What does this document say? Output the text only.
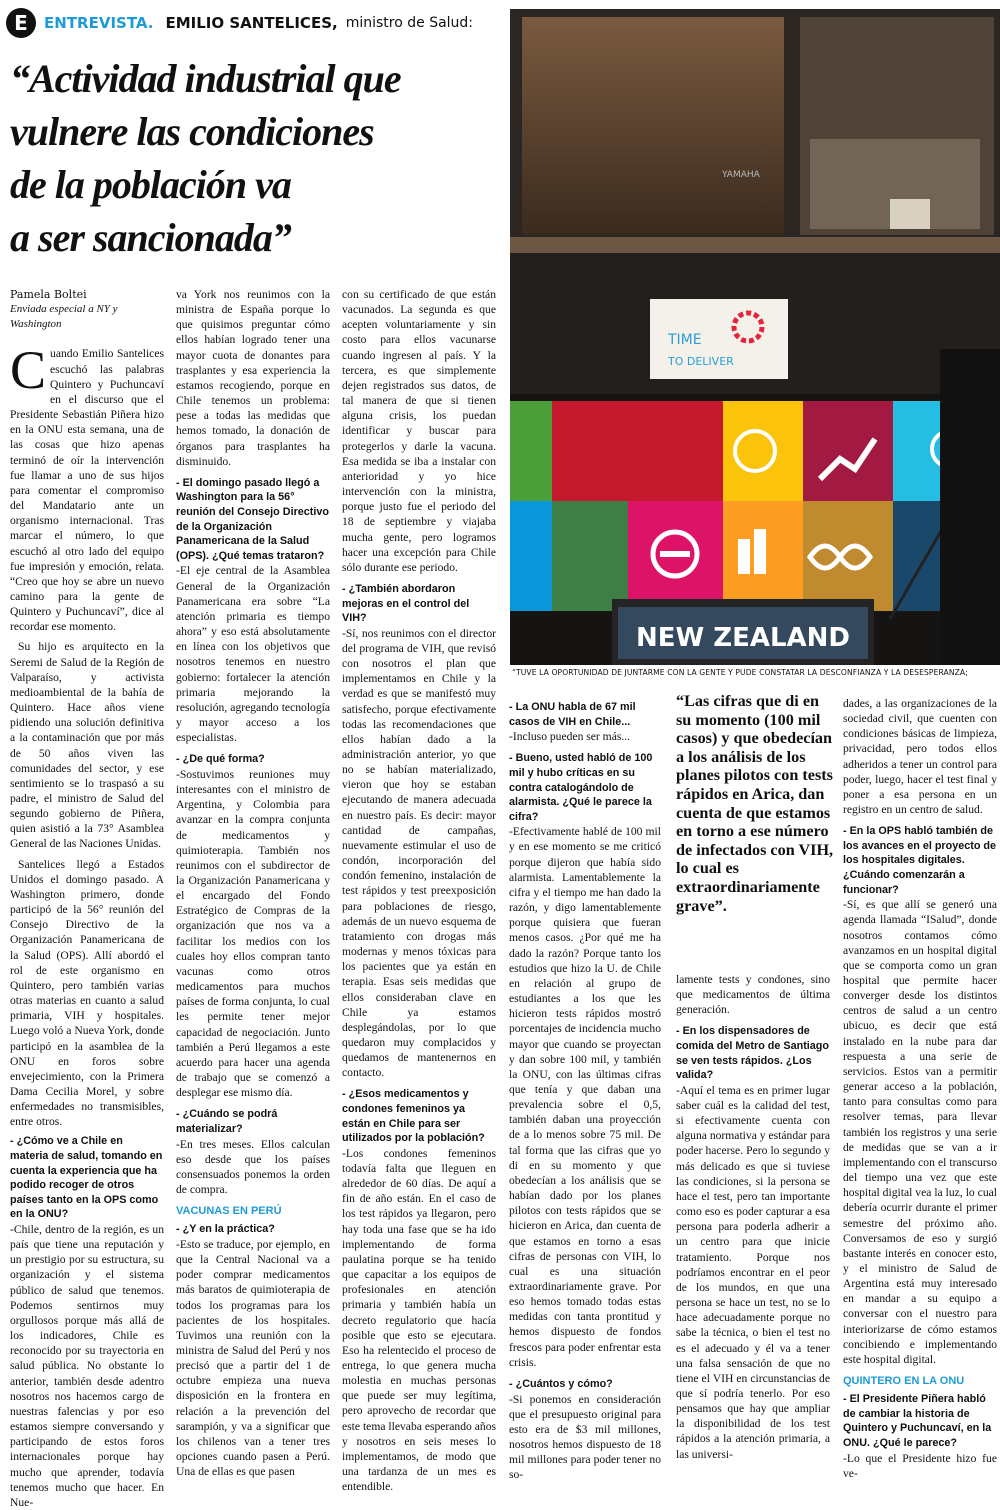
E	ENTREVISTA. EMILIO SANTELICES, ministro de Salud:
“Actividad industrial que
vulnere las condiciones
de la población va
a ser sancionada”
YAMAHA
TIME
TO DELIVER
NEW ZEALAND
“TUVE LA OPORTUNIDAD DE JUNTARME CON LA GENTE Y PUDE CONSTATAR LA DESCONFIANZA Y LA DESESPERANZA;

Pamela Boltei

Enviada especial a NY y Washington

Cuando Emilio Santelices escuchó las palabras Quintero y Puchuncaví en el discurso que el Presidente Sebastián Piñera hizo en la ONU esta semana, una de las cosas que hizo apenas terminó de oír la intervención fue llamar a uno de sus hijos para comentar el compromiso del Mandatario ante un organismo internacional. Tras marcar el número, lo que escuchó al otro lado del equipo fue impresión y emoción, relata. “Creo que hoy se abre un nuevo camino para la gente de Quintero y Puchuncaví”, dice al recordar ese momento.

Su hijo es arquitecto en la Seremi de Salud de la Región de Valparaíso, y activista medioambiental de la bahía de Quintero. Hace años viene pidiendo una solución definitiva a la contaminación que por más de 50 años viven las comunidades del sector, y ese sentimiento se lo traspasó a su padre, el ministro de Salud del segundo gobierno de Piñera, quien asistió a la 73° Asamblea General de las Naciones Unidas.

Santelices llegó a Estados Unidos el domingo pasado. A Washington primero, donde participó de la 56° reunión del Consejo Directivo de la Organización Panamericana de la Salud (OPS). Allí abordó el rol de este organismo en Quintero, pero también varias otras materias en cuanto a salud primaria, VIH y hospitales. Luego voló a Nueva York, donde participó en la asamblea de la ONU en foros sobre envejecimiento, con la Primera Dama Cecilia Morel, y sobre enfermedades no transmisibles, entre otros.

- ¿Cómo ve a Chile en materia de salud, tomando en cuenta la experiencia que ha podido recoger de otros países tanto en la OPS como en la ONU?

-Chile, dentro de la región, es un país que tiene una reputación y un prestigio por su estructura, su organización y el sistema público de salud que tenemos. Podemos sentirnos muy orgullosos porque más allá de los indicadores, Chile es reconocido por su trayectoria en salud pública. No obstante lo anterior, también desde adentro nosotros nos hacemos cargo de nuestras falencias y por eso estamos siempre conversando y participando de estos foros internacionales porque hay mucho que aprender, todavía tenemos mucho que hacer. En Nue-

va York nos reunimos con la ministra de España porque lo que quisimos preguntar cómo ellos habían logrado tener una mayor cuota de donantes para trasplantes y esa experiencia la estamos recogiendo, porque en Chile tenemos un problema: pese a todas las medidas que hemos tomado, la donación de órganos para trasplantes ha disminuido.

- El domingo pasado llegó a Washington para la 56° reunión del Consejo Directivo de la Organización Panamericana de la Salud (OPS). ¿Qué temas trataron?

-El eje central de la Asamblea General de la Organización Panamericana era sobre “La atención primaria es tiempo ahora” y eso está absolutamente en línea con los objetivos que nosotros tenemos en nuestro gobierno: fortalecer la atención primaria mejorando la resolución, agregando tecnología y mayor acceso a los especialistas.

- ¿De qué forma?

-Sostuvimos reuniones muy interesantes con el ministro de Argentina, y Colombia para avanzar en la compra conjunta de medicamentos y quimioterapia. También nos reunimos con el subdirector de la Organización Panamericana y el encargado del Fondo Estratégico de Compras de la organización que nos va a facilitar los medios con los cuales hoy ellos compran tanto vacunas como otros medicamentos para muchos países de forma conjunta, lo cual les permite tener mejor capacidad de negociación. Junto también a Perú llegamos a este acuerdo para hacer una agenda de trabajo que se comenzó a desplegar ese mismo día.

- ¿Cuándo se podrá materializar?

-En tres meses. Ellos calculan eso desde que los países consensuados ponemos la orden de compra.

VACUNAS EN PERÚ

- ¿Y en la práctica?

-Esto se traduce, por ejemplo, en que la Central Nacional va a poder comprar medicamentos más baratos de quimioterapia de todos los programas para los pacientes de los hospitales. Tuvimos una reunión con la ministra de Salud del Perú y nos precisó que a partir del 1 de octubre empieza una nueva disposición en la frontera en relación a la prevención del sarampión, y va a significar que los chilenos van a tener tres opciones cuando pasen a Perú. Una de ellas es que pasen

con su certificado de que están vacunados. La segunda es que acepten voluntariamente y sin costo para ellos vacunarse cuando ingresen al país. Y la tercera, es que simplemente dejen registrados sus datos, de tal manera de que si tienen alguna crisis, los puedan identificar y buscar para protegerlos y darle la vacuna. Esa medida se iba a instalar con anterioridad y yo hice intervención con la ministra, porque justo fue el periodo del 18 de septiembre y viajaba mucha gente, pero logramos hacer una excepción para Chile sólo durante ese periodo.

- ¿También abordaron mejoras en el control del VIH?

-Sí, nos reunimos con el director del programa de VIH, que revisó con nosotros el plan que implementamos en Chile y la verdad es que se manifestó muy satisfecho, porque efectivamente todas las recomendaciones que ellos habían dado a la administración anterior, yo que no se habían materializado, vieron que hoy se estaban ejecutando de manera adecuada en nuestro país. Es decir: mayor cantidad de campañas, nuevamente estimular el uso de condón, incorporación del condón femenino, instalación de test rápidos y test preexposición para poblaciones de riesgo, además de un nuevo esquema de tratamiento con drogas más modernas y menos tóxicas para los pacientes que ya están en terapia. Esas seis medidas que ellos consideraban clave en Chile ya estamos desplegándolas, por lo que quedaron muy complacidos y quedamos de mantenernos en contacto.

- ¿Esos medicamentos y condones femeninos ya están en Chile para ser utilizados por la población?

-Los condones femeninos todavía falta que lleguen en alrededor de 60 días. De aquí a fin de año están. En el caso de los test rápidos ya llegaron, pero hay toda una fase que se ha ido implementando de forma paulatina porque se ha tenido que capacitar a los equipos de profesionales en atención primaria y también había un decreto regulatorio que hacía posible que esto se ejecutara. Eso ha relentecido el proceso de entrega, lo que genera mucha molestia en muchas personas que puede ser muy legítima, pero aprovecho de recordar que este tema llevaba esperando años y nosotros en seis meses lo implementamos, de modo que una tardanza de un mes es entendible.

- La ONU habla de 67 mil casos de VIH en Chile...

-Incluso pueden ser más...

- Bueno, usted habló de 100 mil y hubo críticas en su contra catalogándolo de alarmista. ¿Qué le parece la cifra?

-Efectivamente hablé de 100 mil y en ese momento se me criticó porque dijeron que había sido alarmista. Lamentablemente la cifra y el tiempo me han dado la razón, y digo lamentablemente porque quisiera que fueran menos casos. ¿Por qué me ha dado la razón? Porque tanto los estudios que hizo la U. de Chile en relación al grupo de estudiantes a los que les hicieron tests rápidos mostró porcentajes de incidencia mucho mayor que cuando se proyectan y dan sobre 100 mil, y también la ONU, con las últimas cifras que tenía y que daban una prevalencia sobre el 0,5, también daban una proyección de a lo menos sobre 75 mil. De tal forma que las cifras que yo di en su momento y que obedecían a los análisis que se habían dado por los planes pilotos con tests rápidos que se hicieron en Arica, dan cuenta de que estamos en torno a esas cifras de personas con VIH, lo cual es una situación extraordinariamente grave. Por eso hemos tomado todas estas medidas con tanta prontitud y hemos dispuesto de fondos frescos para poder enfrentar esta crisis.

- ¿Cuántos y cómo?

-Si ponemos en consideración que el presupuesto original para esto era de $3 mil millones, nosotros hemos dispuesto de 18 mil millones para poder tener no so-

“Las cifras que di en su momento (100 mil casos) y que obedecían a los análisis de los planes pilotos con tests rápidos en Arica, dan cuenta de que estamos en torno a ese número de infectados con VIH, lo cual es extraordinariamente grave”.

lamente tests y condones, sino que medicamentos de última generación.

- En los dispensadores de comida del Metro de Santiago se ven tests rápidos. ¿Los valida?

-Aquí el tema es en primer lugar saber cuál es la calidad del test, si efectivamente cuenta con alguna normativa y estándar para poder hacerse. Pero lo segundo y más delicado es que si tuviese las condiciones, si la persona se hace el test, pero tan importante como eso es poder capturar a esa persona para poderla adherir a un centro para que inicie tratamiento. Porque nos podríamos encontrar en el peor de los mundos, en que una persona se hace un test, no se lo hace adecuadamente porque no sabe la técnica, o bien el test no es el adecuado y él va a tener una falsa sensación de que no tiene el VIH en circunstancias de que sí podría tenerlo. Por eso pensamos que hay que ampliar la disponibilidad de los test rápidos a la atención primaria, a las universi-

dades, a las organizaciones de la sociedad civil, que cuenten con condiciones básicas de limpieza, privacidad, pero todos ellos adheridos a tener un control para poder, luego, hacer el test final y poner a esa persona en un registro en un centro de salud.

- En la OPS habló también de los avances en el proyecto de los hospitales digitales. ¿Cuándo comenzarán a funcionar?

-Sí, es que allí se generó una agenda llamada “ISalud”, donde nosotros contamos cómo avanzamos en un hospital digital que se comporta como un gran hospital que permite hacer converger desde los distintos centros de salud a un centro ubicuo, es decir que está instalado en la nube para dar respuesta a una serie de servicios. Estos van a permitir generar acceso a la población, tanto para consultas como para resolver temas, para llevar también los registros y una serie de medidas que se van a ir implementando con el transcurso del tiempo una vez que este hospital digital vea la luz, lo cual debería ocurrir durante el primer semestre del próximo año. Conversamos de eso y surgió bastante interés en conocer esto, y el ministro de Salud de Argentina está muy interesado en mandar a su equipo a conversar con el nuestro para interiorizarse de cómo estamos concibiendo e implementando este hospital digital.

QUINTERO EN LA ONU

- El Presidente Piñera habló de cambiar la historia de Quintero y Puchuncaví, en la ONU. ¿Qué le parece?

-Lo que el Presidente hizo fue ve-
